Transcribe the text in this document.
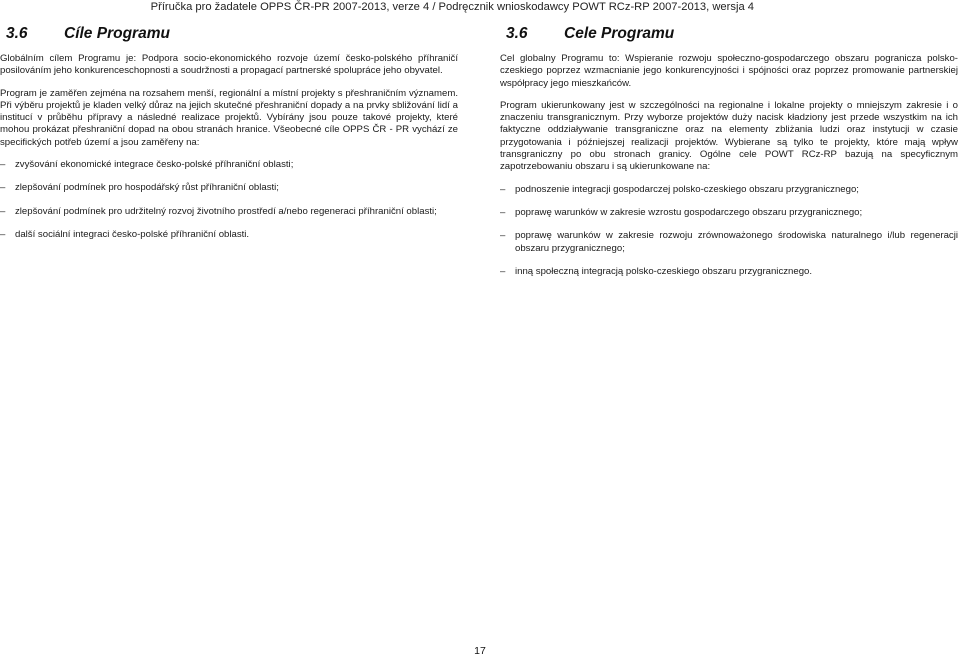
Příručka pro žadatele OPPS ČR-PR 2007-2013, verze 4 / Podręcznik wnioskodawcy POWT RCz-RP 2007-2013, wersja 4
3.6 Cíle Programu

Globálním cílem Programu je: Podpora socio-ekonomického rozvoje území česko-polského příhraničí posilováním jeho konkurenceschopnosti a soudržnosti a propagací partnerské spolupráce jeho obyvatel.

Program je zaměřen zejména na rozsahem menší, regionální a místní projekty s přeshraničním významem. Při výběru projektů je kladen velký důraz na jejich skutečné přeshraniční dopady a na prvky sbližování lidí a institucí v průběhu přípravy a následné realizace projektů. Vybírány jsou pouze takové projekty, které mohou prokázat přeshraniční dopad na obou stranách hranice. Všeobecné cíle OPPS ČR - PR vychází ze specifických potřeb území a jsou zaměřeny na:

– zvyšování ekonomické integrace česko-polské příhraniční oblasti;
– zlepšování podmínek pro hospodářský růst příhraniční oblasti;
– zlepšování podmínek pro udržitelný rozvoj životního prostředí a/nebo regeneraci příhraniční oblasti;
– další sociální integraci česko-polské příhraniční oblasti.
3.6 Cele Programu

Cel globalny Programu to: Wspieranie rozwoju społeczno-gospodarczego obszaru pogranicza polsko-czeskiego poprzez wzmacnianie jego konkurencyjności i spójności oraz poprzez promowanie partnerskiej współpracy jego mieszkańców.

Program ukierunkowany jest w szczególności na regionalne i lokalne projekty o mniejszym zakresie i o znaczeniu transgranicznym. Przy wyborze projektów duży nacisk kładziony jest przede wszystkim na ich faktyczne oddziaływanie transgraniczne oraz na elementy zbliżania ludzi oraz instytucji w czasie przygotowania i późniejszej realizacji projektów. Wybierane są tylko te projekty, które mają wpływ transgraniczny po obu stronach granicy. Ogólne cele POWT RCz-RP bazują na specyficznym zapotrzebowaniu obszaru i są ukierunkowane na:

– podnoszenie integracji gospodarczej polsko-czeskiego obszaru przygranicznego;
– poprawę warunków w zakresie wzrostu gospodarczego obszaru przygranicznego;
– poprawę warunków w zakresie rozwoju zrównoważonego środowiska naturalnego i/lub regeneracji obszaru przygranicznego;
– inną społeczną integracją polsko-czeskiego obszaru przygranicznego.
17
